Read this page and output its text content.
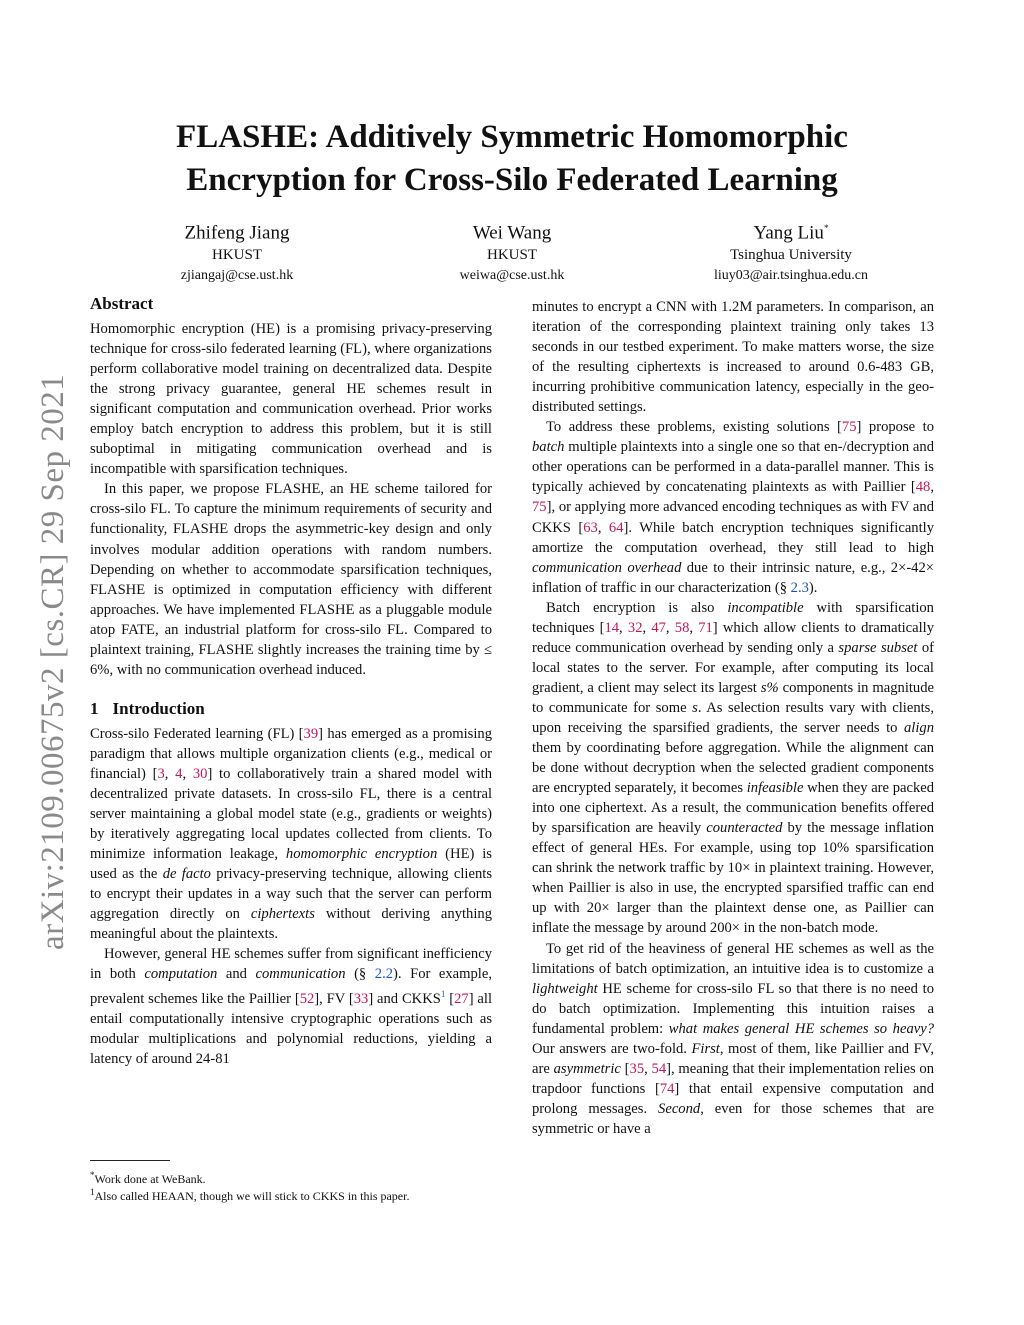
arXiv:2109.00675v2 [cs.CR] 29 Sep 2021
FLASHE: Additively Symmetric Homomorphic
Encryption for Cross-Silo Federated Learning
Zhifeng Jiang
HKUST
zjiangaj@cse.ust.hk
Wei Wang
HKUST
weiwa@cse.ust.hk
Yang Liu*
Tsinghua University
liuy03@air.tsinghua.edu.cn
Abstract

Homomorphic encryption (HE) is a promising privacy-preserving technique for cross-silo federated learning (FL), where organizations perform collaborative model training on decentralized data. Despite the strong privacy guarantee, general HE schemes result in significant computation and communication overhead. Prior works employ batch encryption to address this problem, but it is still suboptimal in mitigating communication overhead and is incompatible with sparsification techniques.

In this paper, we propose FLASHE, an HE scheme tailored for cross-silo FL. To capture the minimum requirements of security and functionality, FLASHE drops the asymmetric-key design and only involves modular addition operations with random numbers. Depending on whether to accommodate sparsification techniques, FLASHE is optimized in computation efficiency with different approaches. We have implemented FLASHE as a pluggable module atop FATE, an industrial platform for cross-silo FL. Compared to plaintext training, FLASHE slightly increases the training time by ≤ 6%, with no communication overhead induced.

1 Introduction

Cross-silo Federated learning (FL) [39] has emerged as a promising paradigm that allows multiple organization clients (e.g., medical or financial) [3, 4, 30] to collaboratively train a shared model with decentralized private datasets. In cross-silo FL, there is a central server maintaining a global model state (e.g., gradients or weights) by iteratively aggregating local updates collected from clients. To minimize information leakage, homomorphic encryption (HE) is used as the de facto privacy-preserving technique, allowing clients to encrypt their updates in a way such that the server can perform aggregation directly on ciphertexts without deriving anything meaningful about the plaintexts.

However, general HE schemes suffer from significant inefficiency in both computation and communication (§ 2.2). For example, prevalent schemes like the Paillier [52], FV [33] and CKKS$^1$ [27] all entail computationally intensive cryptographic operations such as modular multiplications and polynomial reductions, yielding a latency of around 24-81

minutes to encrypt a CNN with 1.2M parameters. In comparison, an iteration of the corresponding plaintext training only takes 13 seconds in our testbed experiment. To make matters worse, the size of the resulting ciphertexts is increased to around 0.6-483 GB, incurring prohibitive communication latency, especially in the geo-distributed settings.

To address these problems, existing solutions [75] propose to batch multiple plaintexts into a single one so that en-/decryption and other operations can be performed in a data-parallel manner. This is typically achieved by concatenating plaintexts as with Paillier [48, 75], or applying more advanced encoding techniques as with FV and CKKS [63, 64]. While batch encryption techniques significantly amortize the computation overhead, they still lead to high communication overhead due to their intrinsic nature, e.g., 2×-42× inflation of traffic in our characterization (§ 2.3).

Batch encryption is also incompatible with sparsification techniques [14, 32, 47, 58, 71] which allow clients to dramatically reduce communication overhead by sending only a sparse subset of local states to the server. For example, after computing its local gradient, a client may select its largest s% components in magnitude to communicate for some s. As selection results vary with clients, upon receiving the sparsified gradients, the server needs to align them by coordinating before aggregation. While the alignment can be done without decryption when the selected gradient components are encrypted separately, it becomes infeasible when they are packed into one ciphertext. As a result, the communication benefits offered by sparsification are heavily counteracted by the message inflation effect of general HEs. For example, using top 10% sparsification can shrink the network traffic by 10× in plaintext training. However, when Paillier is also in use, the encrypted sparsified traffic can end up with 20× larger than the plaintext dense one, as Paillier can inflate the message by around 200× in the non-batch mode.

To get rid of the heaviness of general HE schemes as well as the limitations of batch optimization, an intuitive idea is to customize a lightweight HE scheme for cross-silo FL so that there is no need to do batch optimization. Implementing this intuition raises a fundamental problem: what makes general HE schemes so heavy? Our answers are two-fold. First, most of them, like Paillier and FV, are asymmetric [35, 54], meaning that their implementation relies on trapdoor functions [74] that entail expensive computation and prolong messages. Second, even for those schemes that are symmetric or have a

*Work done at WeBank.
$^1$Also called HEAAN, though we will stick to CKKS in this paper.
